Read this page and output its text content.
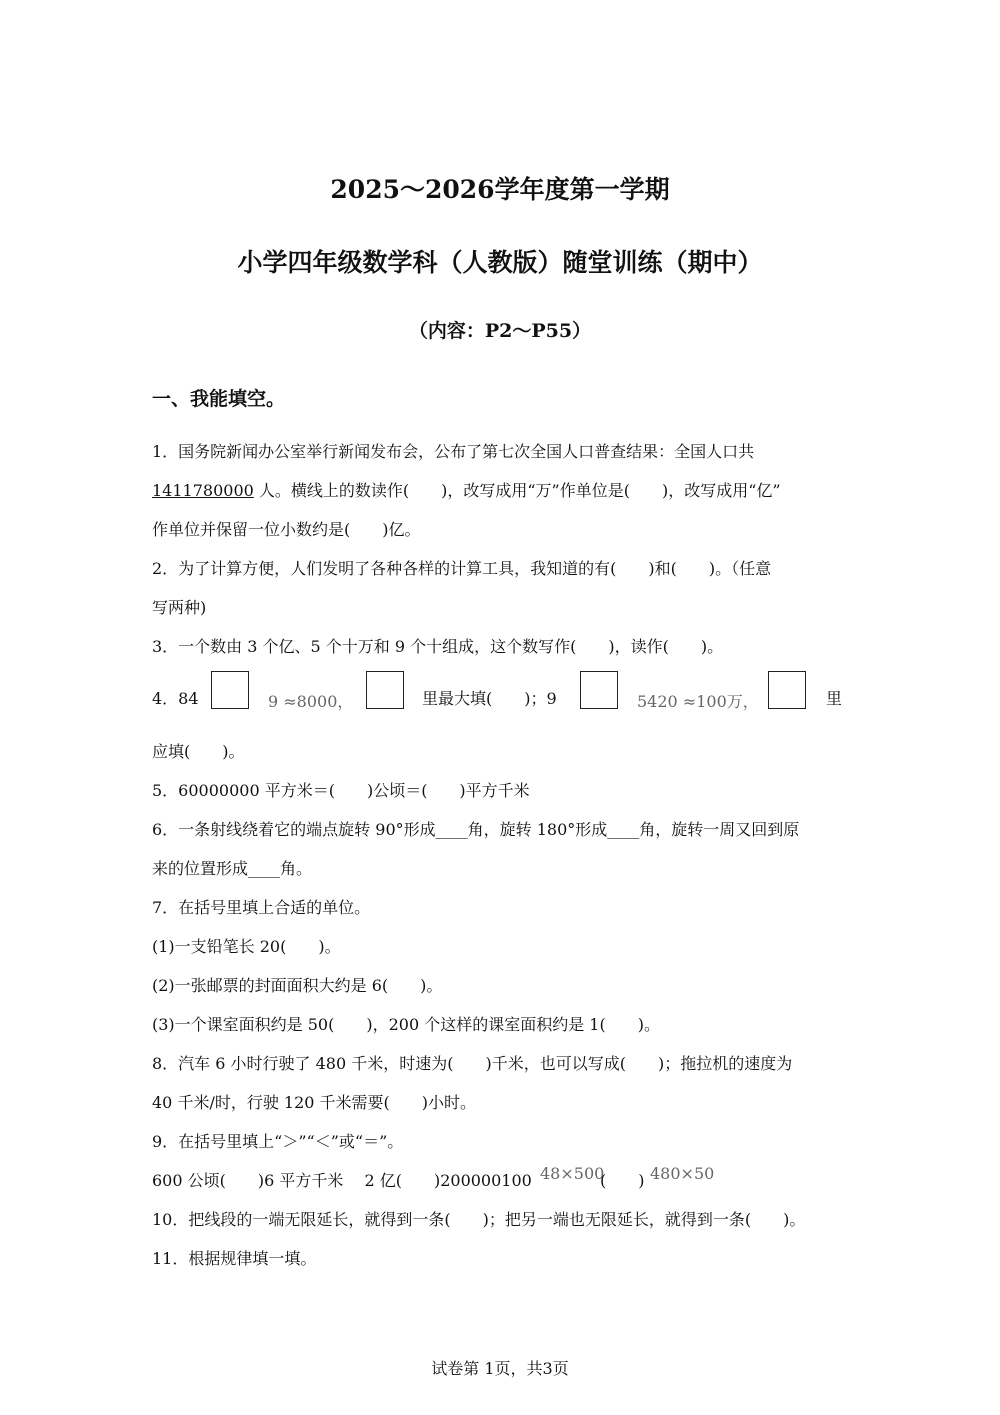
2025～2026学年度第一学期
小学四年级数学科（人教版）随堂训练（期中）
（内容：P2～P55）
一、我能填空。
1．国务院新闻办公室举行新闻发布会，公布了第七次全国人口普查结果：全国人口共
1411780000 人。横线上的数读作(　　)，改写成用“万”作单位是(　　)，改写成用“亿”
作单位并保留一位小数约是(　　)亿。
2．为了计算方便，人们发明了各种各样的计算工具，我知道的有(　　)和(　　)。（任意
写两种)
3．一个数由 3 个亿、5 个十万和 9 个十组成，这个数写作(　　)，读作(　　)。
4．84	9 ≈8000，	里最大填(　　)；9	5420 ≈100万，	里
应填(　　)。
5．60000000 平方米＝(　　)公顷＝(　　)平方千米
6．一条射线绕着它的端点旋转 90°形成____角，旋转 180°形成____角，旋转一周又回到原
来的位置形成____角。
7．在括号里填上合适的单位。
(1)一支铅笔长 20(　　)。
(2)一张邮票的封面面积大约是 6(　　)。
(3)一个课室面积约是 50(　　)，200 个这样的课室面积约是 1(　　)。
8．汽车 6 小时行驶了 480 千米，时速为(　　)千米，也可以写成(　　)；拖拉机的速度为
40 千米/时，行驶 120 千米需要(　　)小时。
9．在括号里填上“＞”“＜”或“＝”。
600 公顷(　　)6 平方千米　 2 亿(　　)200000100 48×500
(　　) 480×50
10．把线段的一端无限延长，就得到一条(　　)；把另一端也无限延长，就得到一条(　　)。
11．根据规律填一填。
试卷第 1页，共3页
